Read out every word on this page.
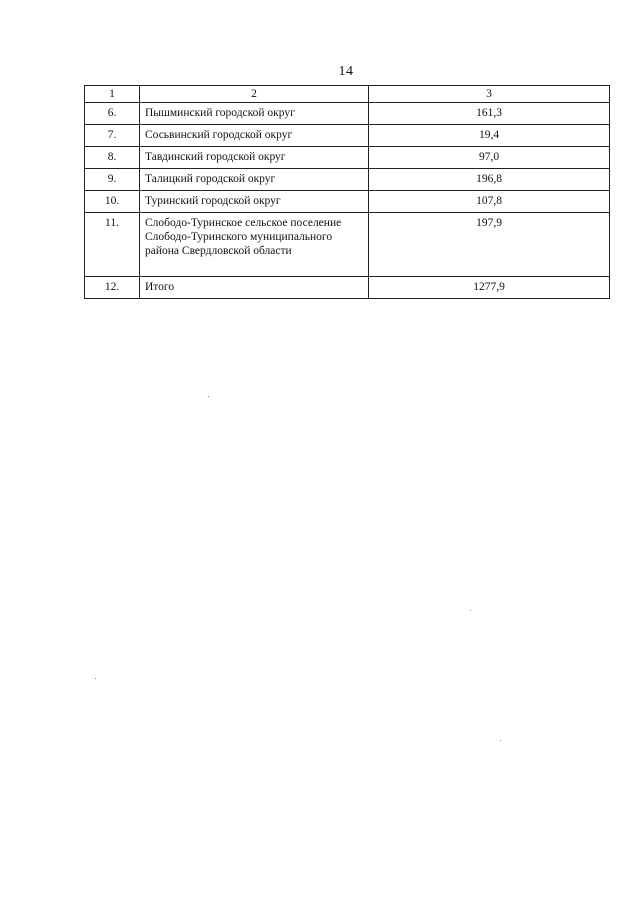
14
1	2	3
6.	Пышминский городской округ	161,3
7.	Сосьвинский городской округ	19,4
8.	Тавдинский городской округ	97,0
9.	Талицкий городской округ	196,8
10.	Туринский городской округ	107,8
11.	Слободо-Туринское сельское поселение Слободо-Туринского муниципального района Свердловской области	197,9
12.	Итого	1277,9
